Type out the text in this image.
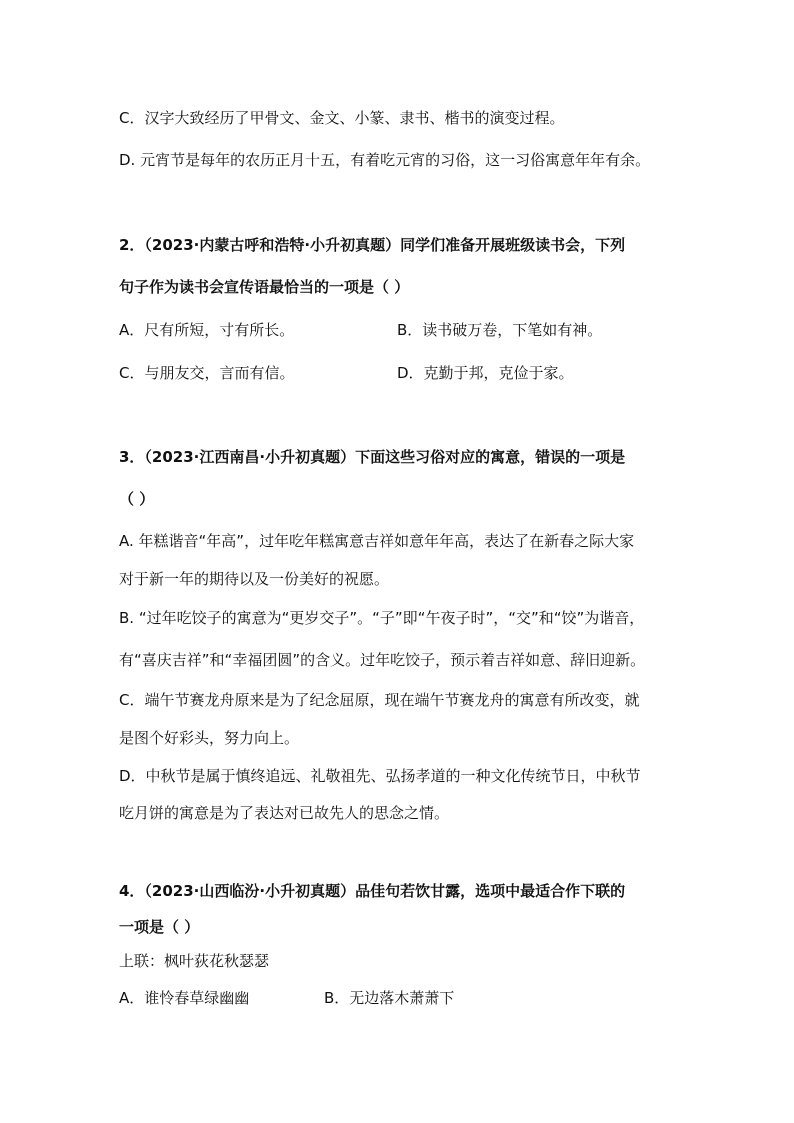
C．汉字大致经历了甲骨文、金文、小篆、隶书、楷书的演变过程。
D. 元宵节是每年的农历正月十五，有着吃元宵的习俗，这一习俗寓意年年有余。
2．（2023·内蒙古呼和浩特·小升初真题）同学们准备开展班级读书会，下列
句子作为读书会宣传语最恰当的一项是（ ）
A．尺有所短，寸有所长。	B．读书破万卷，下笔如有神。
C．与朋友交，言而有信。	D．克勤于邦，克俭于家。
3．（2023·江西南昌·小升初真题）下面这些习俗对应的寓意，错误的一项是
（ ）
A. 年糕谐音“年高”，过年吃年糕寓意吉祥如意年年高，表达了在新春之际大家
对于新一年的期待以及一份美好的祝愿。
B. “过年吃饺子的寓意为“更岁交子”。“子”即“午夜子时”，“交”和“饺”为谐音，
有“喜庆吉祥”和“幸福团圆”的含义。过年吃饺子，预示着吉祥如意、辞旧迎新。
C．端午节赛龙舟原来是为了纪念屈原，现在端午节赛龙舟的寓意有所改变，就
是图个好彩头，努力向上。
D．中秋节是属于慎终追远、礼敬祖先、弘扬孝道的一种文化传统节日，中秋节
吃月饼的寓意是为了表达对已故先人的思念之情。
4．（2023·山西临汾·小升初真题）品佳句若饮甘露，选项中最适合作下联的
一项是（ ）
上联：枫叶荻花秋瑟瑟
A．谁怜春草绿幽幽	B．无边落木萧萧下
